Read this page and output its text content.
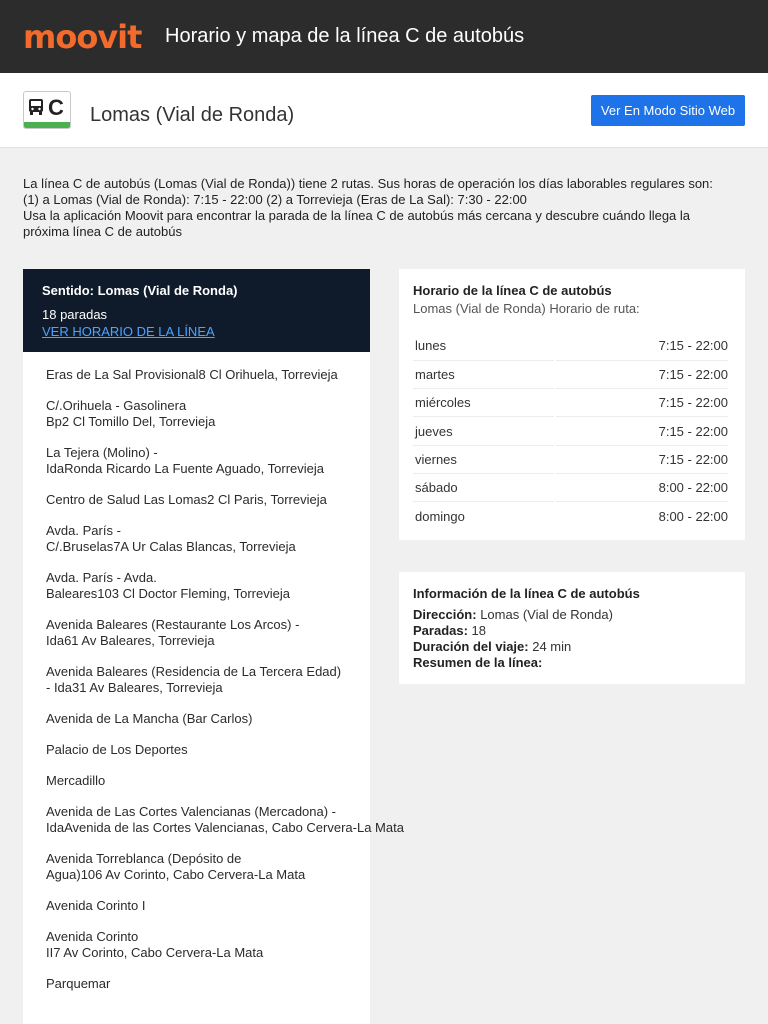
moovit Horario y mapa de la línea C de autobús
C Lomas (Vial de Ronda)	Ver En Modo Sitio Web
La línea C de autobús (Lomas (Vial de Ronda)) tiene 2 rutas. Sus horas de operación los días laborables regulares son:
(1) a Lomas (Vial de Ronda): 7:15 - 22:00 (2) a Torrevieja (Eras de La Sal): 7:30 - 22:00
Usa la aplicación Moovit para encontrar la parada de la línea C de autobús más cercana y descubre cuándo llega la
próxima línea C de autobús
Sentido: Lomas (Vial de Ronda)
18 paradas
VER HORARIO DE LA LÍNEA
Eras de La Sal Provisional8 Cl Orihuela, Torrevieja
C/.Orihuela - Gasolinera
Bp2 Cl Tomillo Del, Torrevieja
La Tejera (Molino) -
IdaRonda Ricardo La Fuente Aguado, Torrevieja
Centro de Salud Las Lomas2 Cl Paris, Torrevieja
Avda. París -
C/.Bruselas7A Ur Calas Blancas, Torrevieja
Avda. París - Avda.
Baleares103 Cl Doctor Fleming, Torrevieja
Avenida Baleares (Restaurante Los Arcos) -
Ida61 Av Baleares, Torrevieja
Avenida Baleares (Residencia de La Tercera Edad)
- Ida31 Av Baleares, Torrevieja
Avenida de La Mancha (Bar Carlos)
Palacio de Los Deportes
Mercadillo
Avenida de Las Cortes Valencianas (Mercadona) -
IdaAvenida de las Cortes Valencianas, Cabo Cervera-La Mata
Avenida Torreblanca (Depósito de
Agua)106 Av Corinto, Cabo Cervera-La Mata
Avenida Corinto I
Avenida Corinto
II7 Av Corinto, Cabo Cervera-La Mata
Parquemar
Horario de la línea C de autobús
Lomas (Vial de Ronda) Horario de ruta:
lunes		7:15 - 22:00
martes		7:15 - 22:00
miércoles		7:15 - 22:00
jueves		7:15 - 22:00
viernes		7:15 - 22:00
sábado		8:00 - 22:00
domingo		8:00 - 22:00
Información de la línea C de autobús
Dirección: Lomas (Vial de Ronda)
Paradas: 18
Duración del viaje: 24 min
Resumen de la línea:
